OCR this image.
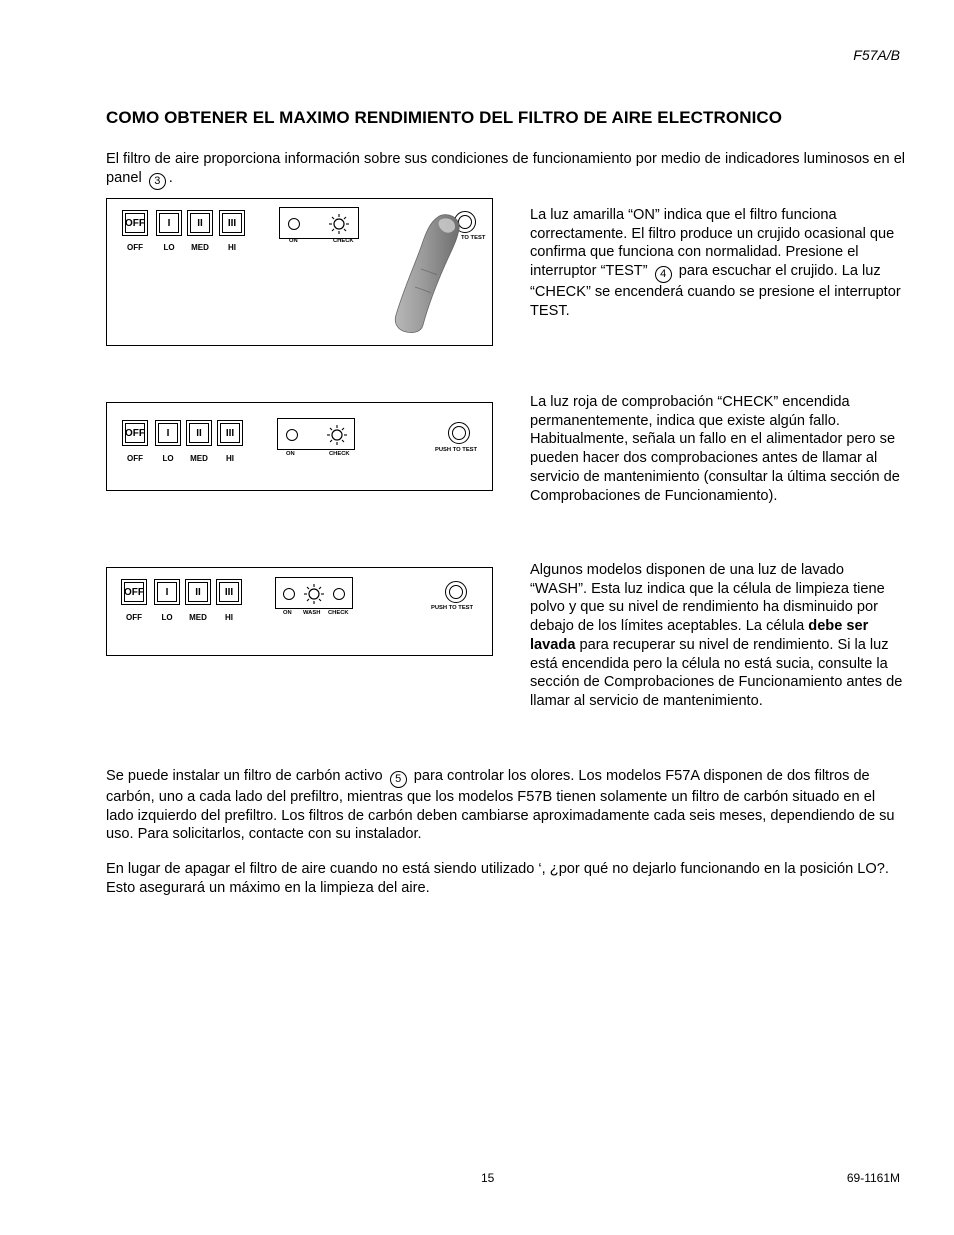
F57A/B
COMO OBTENER EL MAXIMO RENDIMIENTO DEL FILTRO DE AIRE ELECTRONICO
El filtro de aire proporciona información sobre sus condiciones de funcionamiento por medio de indicadores luminosos en el panel 3 .
OFF	I	II	III
OFF	LO	MED	HI
ON	CHECK	TO TEST
La luz amarilla “ON” indica que el filtro funciona correctamente. El filtro produce un crujido ocasional que confirma que funciona con normalidad. Presione el interruptor “TEST” 4 para escuchar el crujido. La luz “CHECK” se encenderá cuando se presione el interruptor TEST.
OFF	I	II	III
OFF	LO	MED	HI	ON	CHECK
PUSH TO TEST
La luz roja de comprobación “CHECK” encendida permanentemente, indica que existe algún fallo. Habitualmente, señala un fallo en el alimentador pero se pueden hacer dos comprobaciones antes de llamar al servicio de mantenimiento (consultar la última sección de Comprobaciones de Funcionamiento).
OFF	I	II	III
OFF	LO	MED	HI	ON WASH CHECK
PUSH TO TEST
Algunos modelos disponen de una luz de lavado “WASH”. Esta luz indica que la célula de limpieza tiene polvo y que su nivel de rendimiento ha disminuido por debajo de los límites aceptables. La célula debe ser lavada para recuperar su nivel de rendimiento. Si la luz está encendida pero la célula no está sucia, consulte la sección de Comprobaciones de Funcionamiento antes de llamar al servicio de mantenimiento.
Se puede instalar un filtro de carbón activo 5 para controlar los olores. Los modelos F57A disponen de dos filtros de carbón, uno a cada lado del prefiltro, mientras que los modelos F57B tienen solamente un filtro de carbón situado en el lado izquierdo del prefiltro. Los filtros de carbón deben cambiarse aproximadamente cada seis meses, dependiendo de su uso. Para solicitarlos, contacte con su instalador.
En lugar de apagar el filtro de aire cuando no está siendo utilizado ‘, ¿por qué no dejarlo funcionando en la posición LO?. Esto asegurará un máximo en la limpieza del aire.
15	69-1161M
